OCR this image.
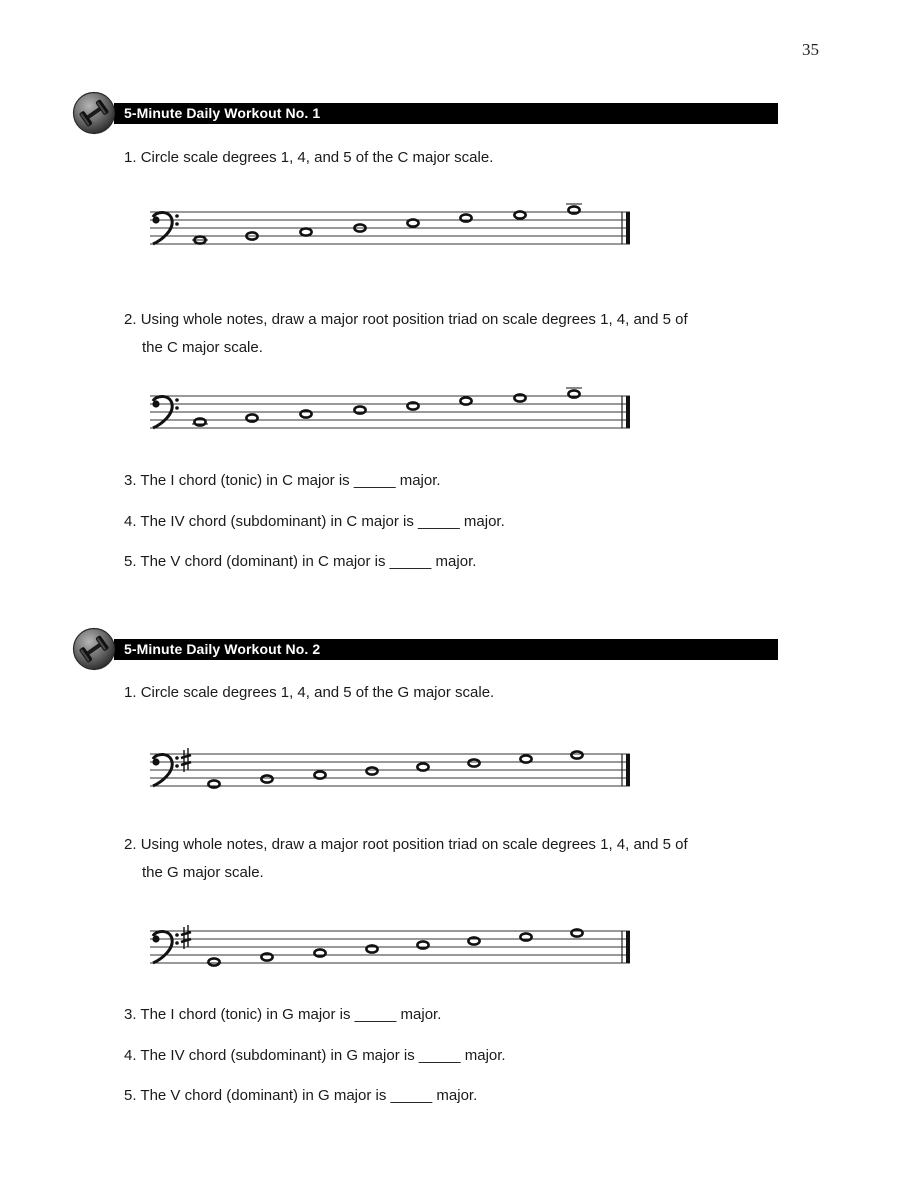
35
5-Minute Daily Workout No. 1
1. Circle scale degrees 1, 4, and 5 of the C major scale.
2. Using whole notes, draw a major root position triad on scale degrees 1, 4, and 5 of
the C major scale.
3. The I chord (tonic) in C major is _____ major.
4. The IV chord (subdominant) in C major is _____ major.
5. The V chord (dominant) in C major is _____ major.
5-Minute Daily Workout No. 2
1. Circle scale degrees 1, 4, and 5 of the G major scale.
2. Using whole notes, draw a major root position triad on scale degrees 1, 4, and 5 of
the G major scale.
3. The I chord (tonic) in G major is _____ major.
4. The IV chord (subdominant) in G major is _____ major.
5. The V chord (dominant) in G major is _____ major.
